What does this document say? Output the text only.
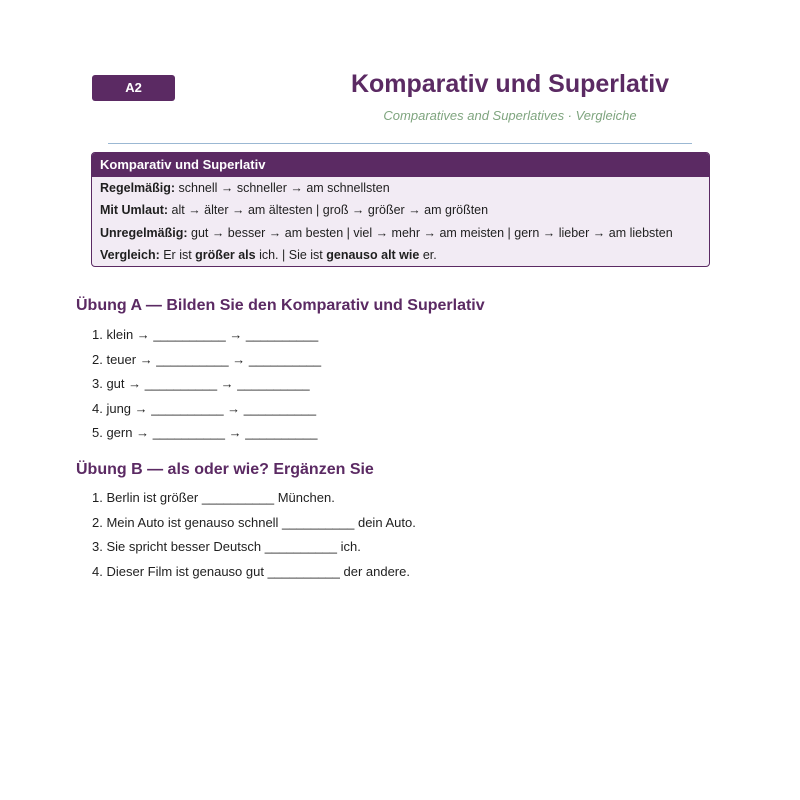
A2	Komparativ und Superlativ
Comparatives and Superlatives · Vergleiche
Komparativ und Superlativ
Regelmäßig: schnell → schneller → am schnellsten
Mit Umlaut: alt → älter → am ältesten | groß → größer → am größten
Unregelmäßig: gut → besser → am besten | viel → mehr → am meisten | gern → lieber → am liebsten
Vergleich: Er ist größer als ich. | Sie ist genauso alt wie er.
Übung A — Bilden Sie den Komparativ und Superlativ
1. klein → __________ → __________
2. teuer → __________ → __________
3. gut → __________ → __________
4. jung → __________ → __________
5. gern → __________ → __________
Übung B — als oder wie? Ergänzen Sie
1. Berlin ist größer __________ München.
2. Mein Auto ist genauso schnell __________ dein Auto.
3. Sie spricht besser Deutsch __________ ich.
4. Dieser Film ist genauso gut __________ der andere.
